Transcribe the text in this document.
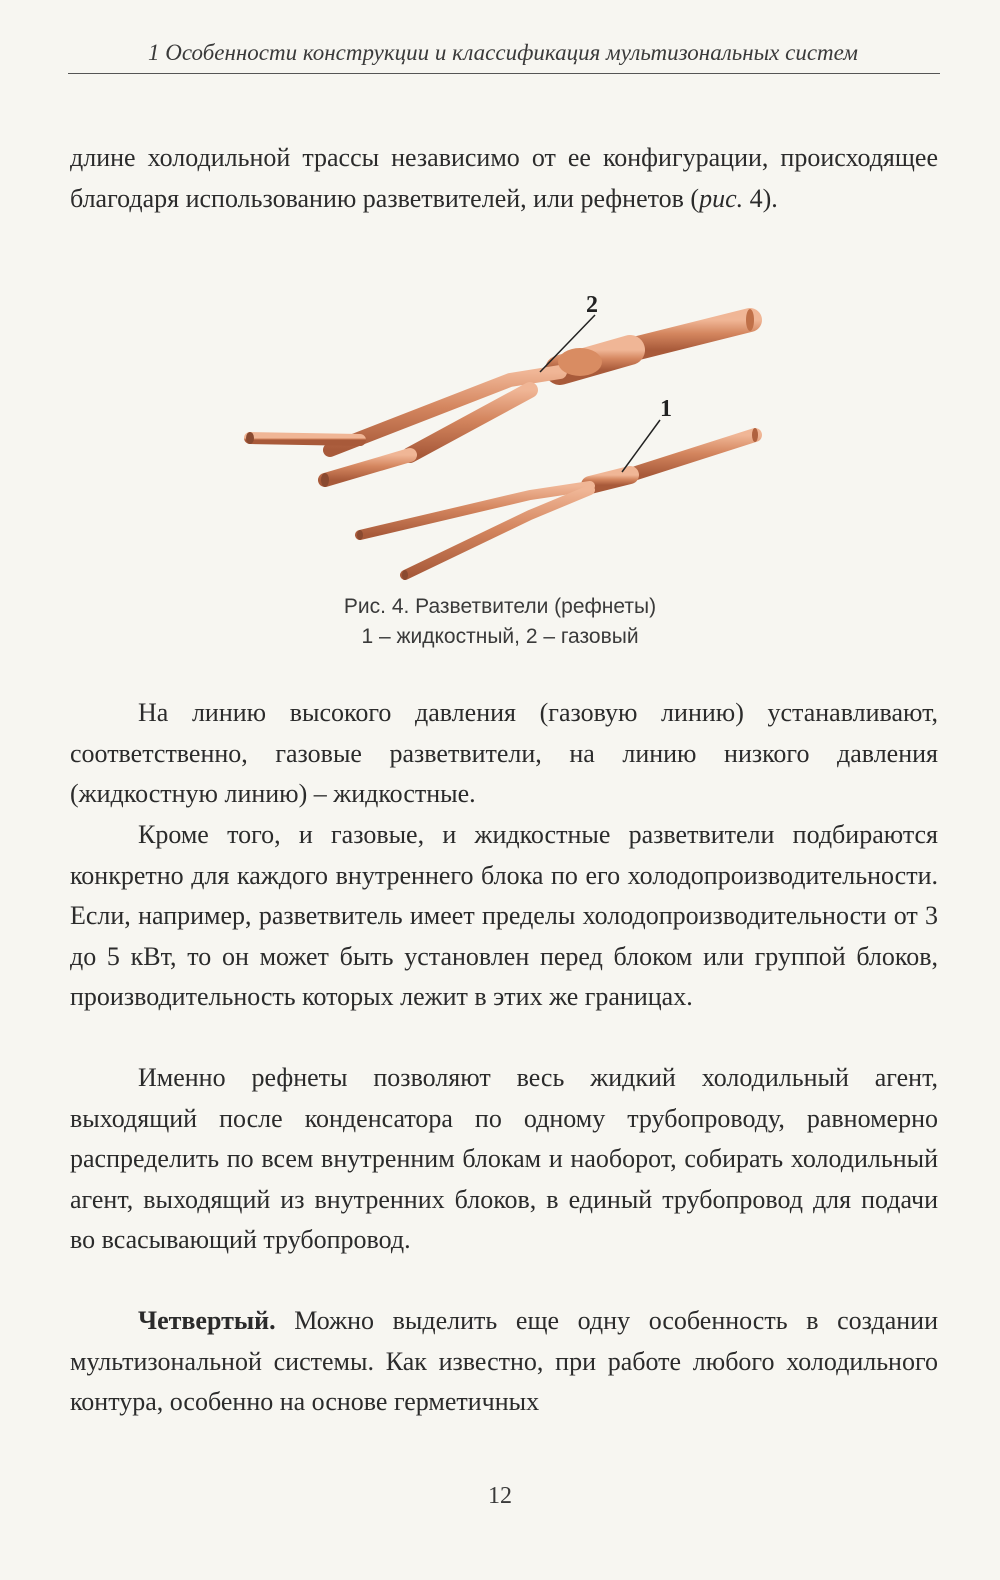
1 Особенности конструкции и классификация мультизональных систем

длине холодильной трассы независимо от ее конфигурации, происходящее благодаря использованию разветвителей, или рефнетов (рис. 4).

2
1
Рис. 4. Разветвители (рефнеты)
1 – жидкостный, 2 – газовый

На линию высокого давления (газовую линию) устанавливают, соответственно, газовые разветвители, на линию низкого давления (жидкостную линию) – жидкостные.

Кроме того, и газовые, и жидкостные разветвители подбираются конкретно для каждого внутреннего блока по его холодопроизводительности. Если, например, разветвитель имеет пределы холодопроизводительности от 3 до 5 кВт, то он может быть установлен перед блоком или группой блоков, производительность которых лежит в этих же границах.

Именно рефнеты позволяют весь жидкий холодильный агент, выходящий после конденсатора по одному трубопроводу, равномерно распределить по всем внутренним блокам и наоборот, собирать холодильный агент, выходящий из внутренних блоков, в единый трубопровод для подачи во всасывающий трубопровод.

Четвертый. Можно выделить еще одну особенность в создании мультизональной системы. Как известно, при работе любого холодильного контура, особенно на основе герметичных

12
